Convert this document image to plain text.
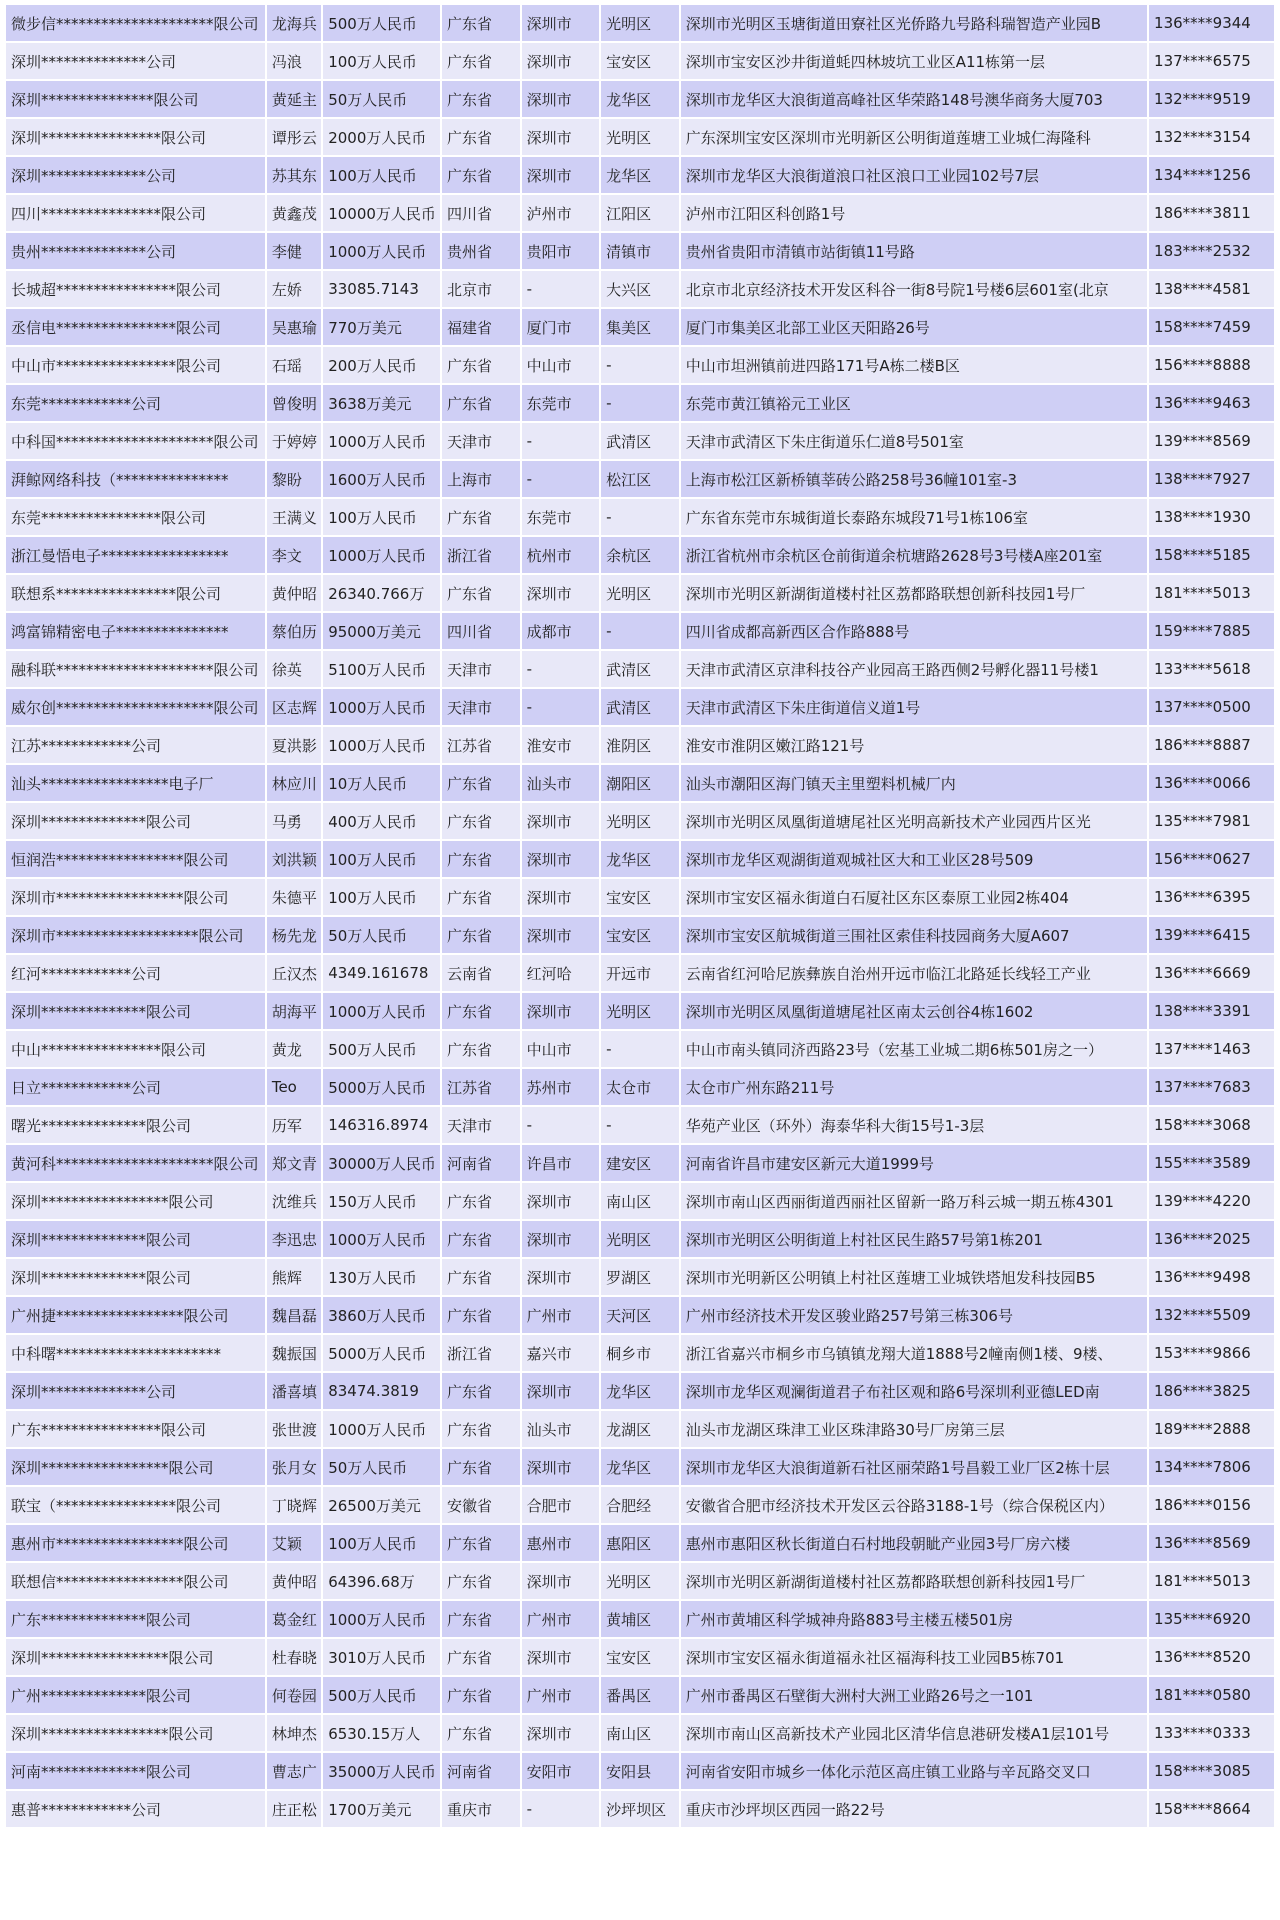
微步信*********************限公司	龙海兵	500万人民币	广东省	深圳市	光明区	深圳市光明区玉塘街道田寮社区光侨路九号路科瑞智造产业园B	136****9344
深圳**************公司	冯浪	100万人民币	广东省	深圳市	宝安区	深圳市宝安区沙井街道蚝四林坡坑工业区A11栋第一层	137****6575
深圳***************限公司	黄延主	50万人民币	广东省	深圳市	龙华区	深圳市龙华区大浪街道高峰社区华荣路148号澳华商务大厦703	132****9519
深圳****************限公司	谭彤云	2000万人民币	广东省	深圳市	光明区	广东深圳宝安区深圳市光明新区公明街道莲塘工业城仁海隆科	132****3154
深圳**************公司	苏其东	100万人民币	广东省	深圳市	龙华区	深圳市龙华区大浪街道浪口社区浪口工业园102号7层	134****1256
四川****************限公司	黄鑫茂	10000万人民币	四川省	泸州市	江阳区	泸州市江阳区科创路1号	186****3811
贵州**************公司	李健	1000万人民币	贵州省	贵阳市	清镇市	贵州省贵阳市清镇市站街镇11号路	183****2532
长城超****************限公司	左娇	33085.7143	北京市	-	大兴区	北京市北京经济技术开发区科谷一街8号院1号楼6层601室(北京	138****4581
丞信电****************限公司	吴惠瑜	770万美元	福建省	厦门市	集美区	厦门市集美区北部工业区天阳路26号	158****7459
中山市****************限公司	石瑶	200万人民币	广东省	中山市	-	中山市坦洲镇前进四路171号A栋二楼B区	156****8888
东莞************公司	曾俊明	3638万美元	广东省	东莞市	-	东莞市黄江镇裕元工业区	136****9463
中科国*********************限公司	于婷婷	1000万人民币	天津市	-	武清区	天津市武清区下朱庄街道乐仁道8号501室	139****8569
湃鲸网络科技（***************	黎盼	1600万人民币	上海市	-	松江区	上海市松江区新桥镇莘砖公路258号36幢101室-3	138****7927
东莞****************限公司	王满义	100万人民币	广东省	东莞市	-	广东省东莞市东城街道长泰路东城段71号1栋106室	138****1930
浙江曼悟电子*****************	李文	1000万人民币	浙江省	杭州市	余杭区	浙江省杭州市余杭区仓前街道余杭塘路2628号3号楼A座201室	158****5185
联想系****************限公司	黄仲昭	26340.766万	广东省	深圳市	光明区	深圳市光明区新湖街道楼村社区荔都路联想创新科技园1号厂	181****5013
鸿富锦精密电子***************	蔡伯历	95000万美元	四川省	成都市	-	四川省成都高新西区合作路888号	159****7885
融科联*********************限公司	徐英	5100万人民币	天津市	-	武清区	天津市武清区京津科技谷产业园高王路西侧2号孵化器11号楼1	133****5618
威尔创*********************限公司	区志辉	1000万人民币	天津市	-	武清区	天津市武清区下朱庄街道信义道1号	137****0500
江苏************公司	夏洪影	1000万人民币	江苏省	淮安市	淮阴区	淮安市淮阴区嫩江路121号	186****8887
汕头*****************电子厂	林应川	10万人民币	广东省	汕头市	潮阳区	汕头市潮阳区海门镇天主里塑料机械厂内	136****0066
深圳**************限公司	马勇	400万人民币	广东省	深圳市	光明区	深圳市光明区凤凰街道塘尾社区光明高新技术产业园西片区光	135****7981
恒润浩*****************限公司	刘洪颖	100万人民币	广东省	深圳市	龙华区	深圳市龙华区观湖街道观城社区大和工业区28号509	156****0627
深圳市*****************限公司	朱德平	100万人民币	广东省	深圳市	宝安区	深圳市宝安区福永街道白石厦社区东区泰原工业园2栋404	136****6395
深圳市*******************限公司	杨先龙	50万人民币	广东省	深圳市	宝安区	深圳市宝安区航城街道三围社区索佳科技园商务大厦A607	139****6415
红河************公司	丘汉杰	4349.161678	云南省	红河哈	开远市	云南省红河哈尼族彝族自治州开远市临江北路延长线轻工产业	136****6669
深圳**************限公司	胡海平	1000万人民币	广东省	深圳市	光明区	深圳市光明区凤凰街道塘尾社区南太云创谷4栋1602	138****3391
中山****************限公司	黄龙	500万人民币	广东省	中山市	-	中山市南头镇同济西路23号（宏基工业城二期6栋501房之一）	137****1463
日立************公司	Teo	5000万人民币	江苏省	苏州市	太仓市	太仓市广州东路211号	137****7683
曙光**************限公司	历军	146316.8974	天津市	-	-	华苑产业区（环外）海泰华科大街15号1-3层	158****3068
黄河科*********************限公司	郑文青	30000万人民币	河南省	许昌市	建安区	河南省许昌市建安区新元大道1999号	155****3589
深圳*****************限公司	沈维兵	150万人民币	广东省	深圳市	南山区	深圳市南山区西丽街道西丽社区留新一路万科云城一期五栋4301	139****4220
深圳**************限公司	李迅忠	1000万人民币	广东省	深圳市	光明区	深圳市光明区公明街道上村社区民生路57号第1栋201	136****2025
深圳**************限公司	熊辉	130万人民币	广东省	深圳市	罗湖区	深圳市光明新区公明镇上村社区莲塘工业城铁塔旭发科技园B5	136****9498
广州捷*****************限公司	魏昌磊	3860万人民币	广东省	广州市	天河区	广州市经济技术开发区骏业路257号第三栋306号	132****5509
中科曙**********************	魏振国	5000万人民币	浙江省	嘉兴市	桐乡市	浙江省嘉兴市桐乡市乌镇镇龙翔大道1888号2幢南侧1楼、9楼、	153****9866
深圳**************公司	潘喜填	83474.3819	广东省	深圳市	龙华区	深圳市龙华区观澜街道君子布社区观和路6号深圳利亚德LED南	186****3825
广东****************限公司	张世渡	1000万人民币	广东省	汕头市	龙湖区	汕头市龙湖区珠津工业区珠津路30号厂房第三层	189****2888
深圳*****************限公司	张月女	50万人民币	广东省	深圳市	龙华区	深圳市龙华区大浪街道新石社区丽荣路1号昌毅工业厂区2栋十层	134****7806
联宝（****************限公司	丁晓辉	26500万美元	安徽省	合肥市	合肥经	安徽省合肥市经济技术开发区云谷路3188-1号（综合保税区内）	186****0156
惠州市*****************限公司	艾颖	100万人民币	广东省	惠州市	惠阳区	惠州市惠阳区秋长街道白石村地段朝眦产业园3号厂房六楼	136****8569
联想信*****************限公司	黄仲昭	64396.68万	广东省	深圳市	光明区	深圳市光明区新湖街道楼村社区荔都路联想创新科技园1号厂	181****5013
广东**************限公司	葛金红	1000万人民币	广东省	广州市	黄埔区	广州市黄埔区科学城神舟路883号主楼五楼501房	135****6920
深圳*****************限公司	杜春晓	3010万人民币	广东省	深圳市	宝安区	深圳市宝安区福永街道福永社区福海科技工业园B5栋701	136****8520
广州**************限公司	何卷园	500万人民币	广东省	广州市	番禺区	广州市番禺区石壁街大洲村大洲工业路26号之一101	181****0580
深圳*****************限公司	林坤杰	6530.15万人	广东省	深圳市	南山区	深圳市南山区高新技术产业园北区清华信息港研发楼A1层101号	133****0333
河南**************限公司	曹志广	35000万人民币	河南省	安阳市	安阳县	河南省安阳市城乡一体化示范区高庄镇工业路与辛瓦路交叉口	158****3085
惠普************公司	庄正松	1700万美元	重庆市	-	沙坪坝区	重庆市沙坪坝区西园一路22号	158****8664
